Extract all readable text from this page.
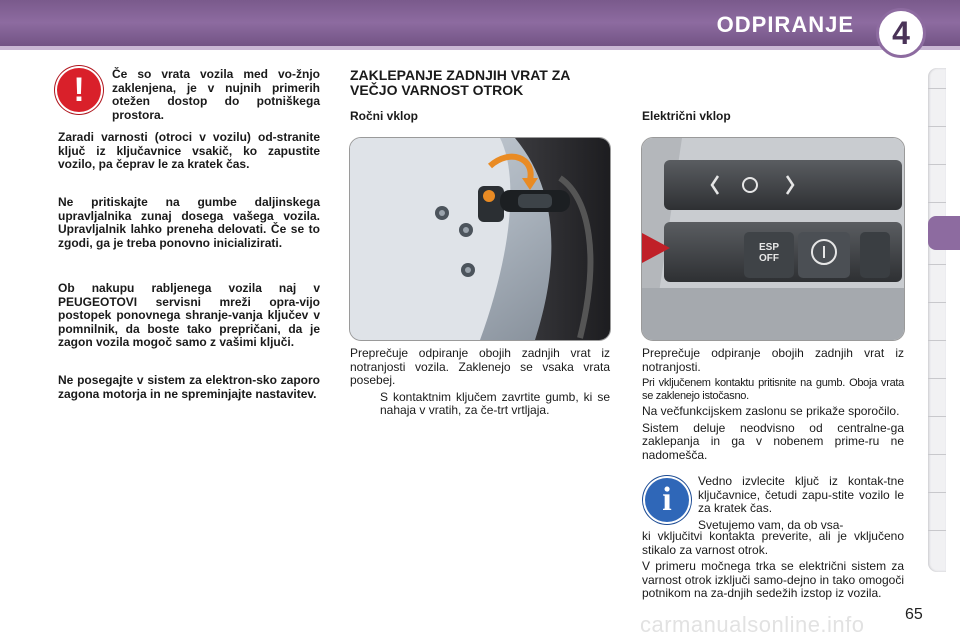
ODPIRANJE	4
!	Če so vrata vozila med vo-žnjo zaklenjena, je v nujnih primerih otežen dostop do potniškega prostora.

Zaradi varnosti (otroci v vozilu) od-stranite ključ iz ključavnice vsakič, ko zapustite vozilo, pa čeprav le za kratek čas.

Ne pritiskajte na gumbe daljinskega upravljalnika zunaj dosega vašega vozila. Upravljalnik lahko preneha delovati. Če se to zgodi, ga je treba ponovno inicializirati.

Ob nakupu rabljenega vozila naj v PEUGEOTOVI servisni mreži opra-vijo postopek ponovnega shranje-vanja ključev v pomnilnik, da boste tako prepričani, da je zagon vozila mogoč samo z vašimi ključi.

Ne posegajte v sistem za elektron-sko zaporo zagona motorja in ne spreminjajte nastavitev.

ZAKLEPANJE ZADNJIH VRAT ZA VEČJO VARNOST OTROK
Ročni vklop	Električni vklop
ESP
OFF

Preprečuje odpiranje obojih zadnjih vrat iz notranjosti vozila. Zaklenejo se vsaka vrata posebej.

S kontaktnim ključem zavrtite gumb, ki se nahaja v vratih, za če-trt vrtljaja.

Preprečuje odpiranje obojih zadnjih vrat iz notranjosti.

Pri vključenem kontaktu pritisnite na gumb. Oboja vrata se zaklenejo istočasno.

Na večfunkcijskem zaslonu se prikaže sporočilo.

Sistem deluje neodvisno od centralne-ga zaklepanja in ga v nobenem prime-ru ne nadomešča.

i	Vedno izvlecite ključ iz kontak-tne ključavnice, četudi zapu-stite vozilo le za kratek čas.

Svetujemo vam, da ob vsa-

ki vključitvi kontakta preverite, ali je vključeno stikalo za varnost otrok.

V primeru močnega trka se električni sistem za varnost otrok izključi samo-dejno in tako omogoči potnikom na za-dnjih sedežih izstop iz vozila.

carmanualsonline.info	65
